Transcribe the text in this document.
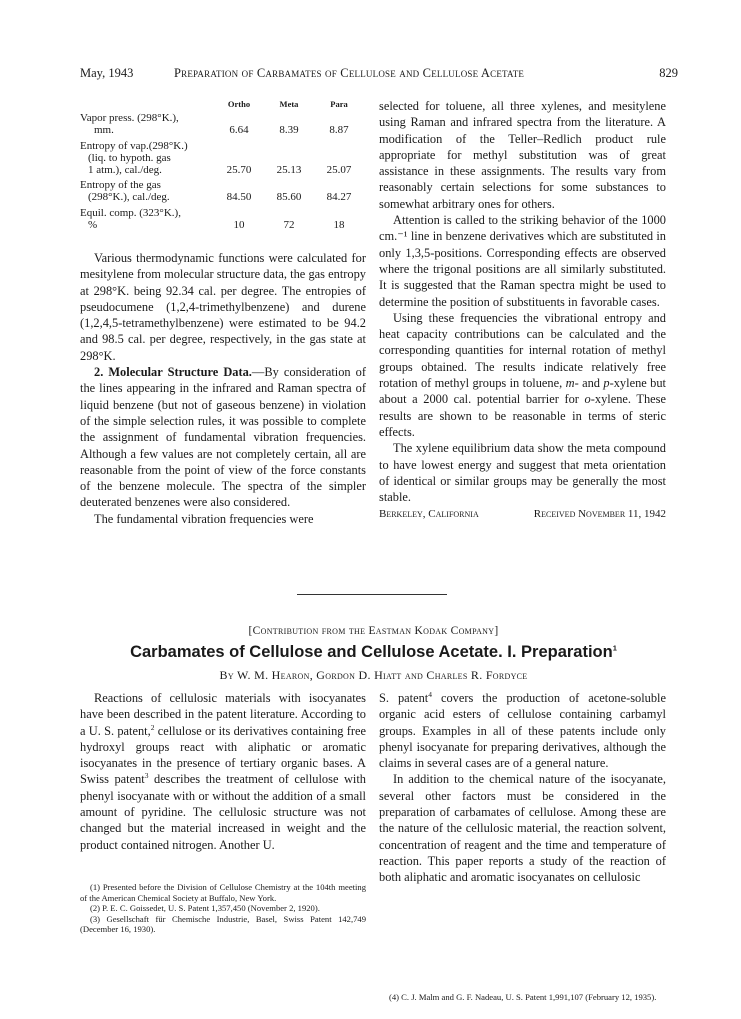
May, 1943	Preparation of Carbamates of Cellulose and Cellulose Acetate	829
	Ortho	Meta	Para

Vapor press. (298°K.),
mm.	6.64	8.39	8.87

Entropy of vap.(298°K.)
(liq. to hypoth. gas
1 atm.), cal./deg.	25.70	25.13	25.07

Entropy of the gas
(298°K.), cal./deg.	84.50	85.60	84.27

Equil. comp. (323°K.),
%	10	72	18

Various thermodynamic functions were calculated for mesitylene from molecular structure data, the gas entropy at 298°K. being 92.34 cal. per degree. The entropies of pseudocumene (1,2,4-trimethylbenzene) and durene (1,2,4,5-tetramethylbenzene) were estimated to be 94.2 and 98.5 cal. per degree, respectively, in the gas state at 298°K.

2. Molecular Structure Data.—By consideration of the lines appearing in the infrared and Raman spectra of liquid benzene (but not of gaseous benzene) in violation of the simple selection rules, it was possible to complete the assignment of fundamental vibration frequencies. Although a few values are not completely certain, all are reasonable from the point of view of the force constants of the benzene molecule. The spectra of the simpler deuterated benzenes were also considered.

The fundamental vibration frequencies were

selected for toluene, all three xylenes, and mesitylene using Raman and infrared spectra from the literature. A modification of the Teller–Redlich product rule appropriate for methyl substitution was of great assistance in these assignments. The results vary from reasonably certain selections for some substances to somewhat arbitrary ones for others.

Attention is called to the striking behavior of the 1000 cm.⁻¹ line in benzene derivatives which are substituted in only 1,3,5-positions. Corresponding effects are observed where the trigonal positions are all similarly substituted. It is suggested that the Raman spectra might be used to determine the position of substituents in favorable cases.

Using these frequencies the vibrational entropy and heat capacity contributions can be calculated and the corresponding quantities for internal rotation of methyl groups obtained. The results indicate relatively free rotation of methyl groups in toluene, m- and p-xylene but about a 2000 cal. potential barrier for o-xylene. These results are shown to be reasonable in terms of steric effects.

The xylene equilibrium data show the meta compound to have lowest energy and suggest that meta orientation of identical or similar groups may be generally the most stable.

Berkeley, California	Received November 11, 1942
[Contribution from the Eastman Kodak Company]
Carbamates of Cellulose and Cellulose Acetate. I. Preparation$^1$
By W. M. Hearon, Gordon D. Hiatt and Charles R. Fordyce

Reactions of cellulosic materials with isocyanates have been described in the patent literature. According to a U. S. patent,$^2$ cellulose or its derivatives containing free hydroxyl groups react with aliphatic or aromatic isocyanates in the presence of tertiary organic bases. A Swiss patent$^3$ describes the treatment of cellulose with phenyl isocyanate with or without the addition of a small amount of pyridine. The cellulosic structure was not changed but the material increased in weight and the product contained nitrogen. Another U.

(1) Presented before the Division of Cellulose Chemistry at the 104th meeting of the American Chemical Society at Buffalo, New York.

(2) P. E. C. Goissedet, U. S. Patent 1,357,450 (November 2, 1920).

(3) Gesellschaft für Chemische Industrie, Basel, Swiss Patent 142,749 (December 16, 1930).

S. patent$^4$ covers the production of acetone-soluble organic acid esters of cellulose containing carbamyl groups. Examples in all of these patents include only phenyl isocyanate for preparing derivatives, although the claims in several cases are of a general nature.

In addition to the chemical nature of the isocyanate, several other factors must be considered in the preparation of carbamates of cellulose. Among these are the nature of the cellulosic material, the reaction solvent, concentration of reagent and the time and temperature of reaction. This paper reports a study of the reaction of both aliphatic and aromatic isocyanates on cellulosic

(4) C. J. Malm and G. F. Nadeau, U. S. Patent 1,991,107 (February 12, 1935).
